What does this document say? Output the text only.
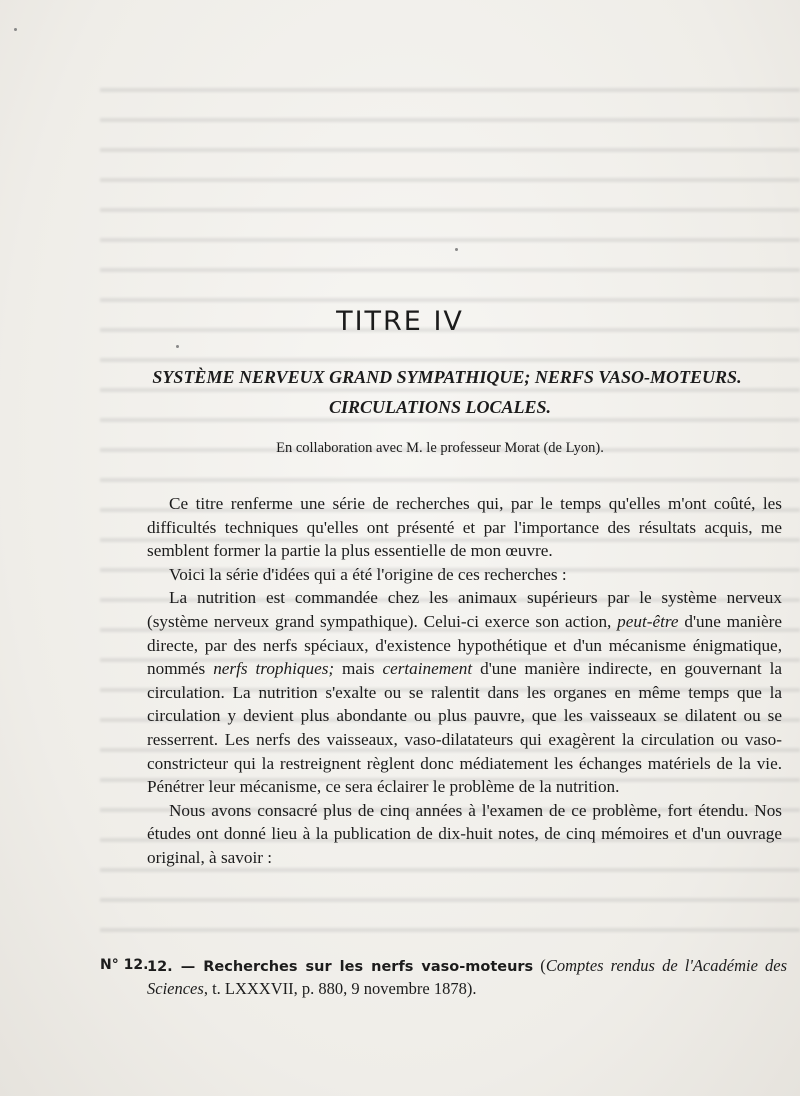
TITRE IV
SYSTÈME NERVEUX GRAND SYMPATHIQUE; NERFS VASO-MOTEURS.
CIRCULATIONS LOCALES.
En collaboration avec M. le professeur Morat (de Lyon).

Ce titre renferme une série de recherches qui, par le temps qu'elles m'ont coûté, les difficultés techniques qu'elles ont présenté et par l'importance des résultats acquis, me semblent former la partie la plus essentielle de mon œuvre.

Voici la série d'idées qui a été l'origine de ces recherches :

La nutrition est commandée chez les animaux supérieurs par le système nerveux (système nerveux grand sympathique). Celui-ci exerce son action, peut-être d'une manière directe, par des nerfs spéciaux, d'existence hypothétique et d'un mécanisme énigmatique, nommés nerfs trophiques; mais certainement d'une manière indirecte, en gouvernant la circulation. La nutrition s'exalte ou se ralentit dans les organes en même temps que la circulation y devient plus abondante ou plus pauvre, que les vaisseaux se dilatent ou se resserrent. Les nerfs des vaisseaux, vaso-dilatateurs qui exagèrent la circulation ou vaso-constricteur qui la restreignent règlent donc médiatement les échanges matériels de la vie. Pénétrer leur mécanisme, ce sera éclairer le problème de la nutrition.

Nous avons consacré plus de cinq années à l'examen de ce problème, fort étendu. Nos études ont donné lieu à la publication de dix-huit notes, de cinq mémoires et d'un ouvrage original, à savoir :

N° 12.
12. — Recherches sur les nerfs vaso-moteurs (Comptes rendus de l'Académie des Sciences, t. LXXXVII, p. 880, 9 novembre 1878).
